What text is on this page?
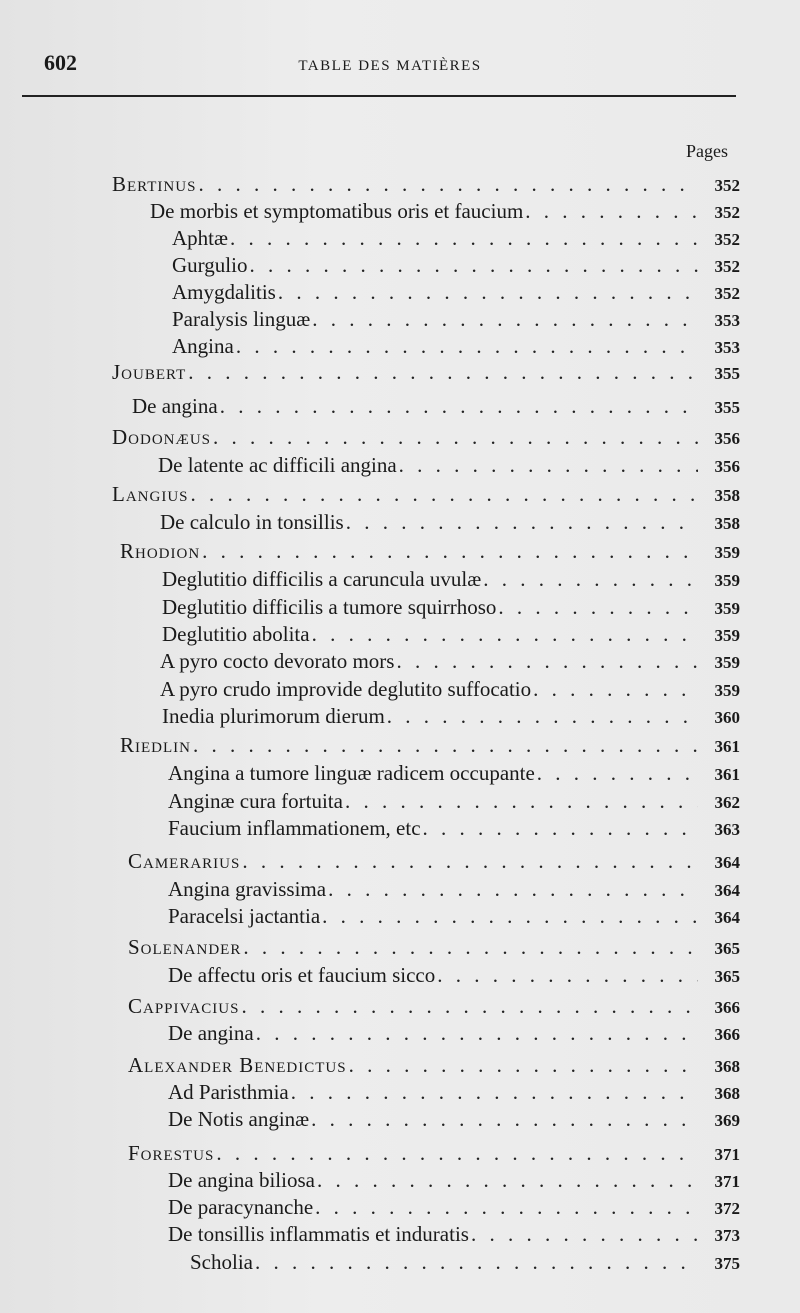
602	TABLE DES MATIÈRES
Pages
Bertinus . . .	352
De morbis et symptomatibus oris et faucium . . .	352
Aphtæ . . .	352
Gurgulio . . .	352
Amygdalitis . . .	352
Paralysis linguæ . . .	353
Angina . . .	353
Joubert . . .	355
De angina . . .	355
Dodonæus . . .	356
De latente ac difficili angina . . .	356
Langius . . .	358
De calculo in tonsillis . . .	358
Rhodion . . .	359
Deglutitio difficilis a caruncula uvulæ . . .	359
Deglutitio difficilis a tumore squirrhoso . . .	359
Deglutitio abolita . . .	359
A pyro cocto devorato mors . . .	359
A pyro crudo improvide deglutito suffocatio . . .	359
Inedia plurimorum dierum . . .	360
Riedlin . . .	361
Angina a tumore linguæ radicem occupante . . .	361
Anginæ cura fortuita . . .	362
Faucium inflammationem, etc . . .	363
Camerarius . . .	364
Angina gravissima . . .	364
Paracelsi jactantia . . .	364
Solenander . . .	365
De affectu oris et faucium sicco . . .	365
Cappivacius . . .	366
De angina . . .	366
Alexander Benedictus . . .	368
Ad Paristhmia . . .	368
De Notis anginæ . . .	369
Forestus . . .	371
De angina biliosa . . .	371
De paracynanche . . .	372
De tonsillis inflammatis et induratis . . .	373
Scholia . . .	375
